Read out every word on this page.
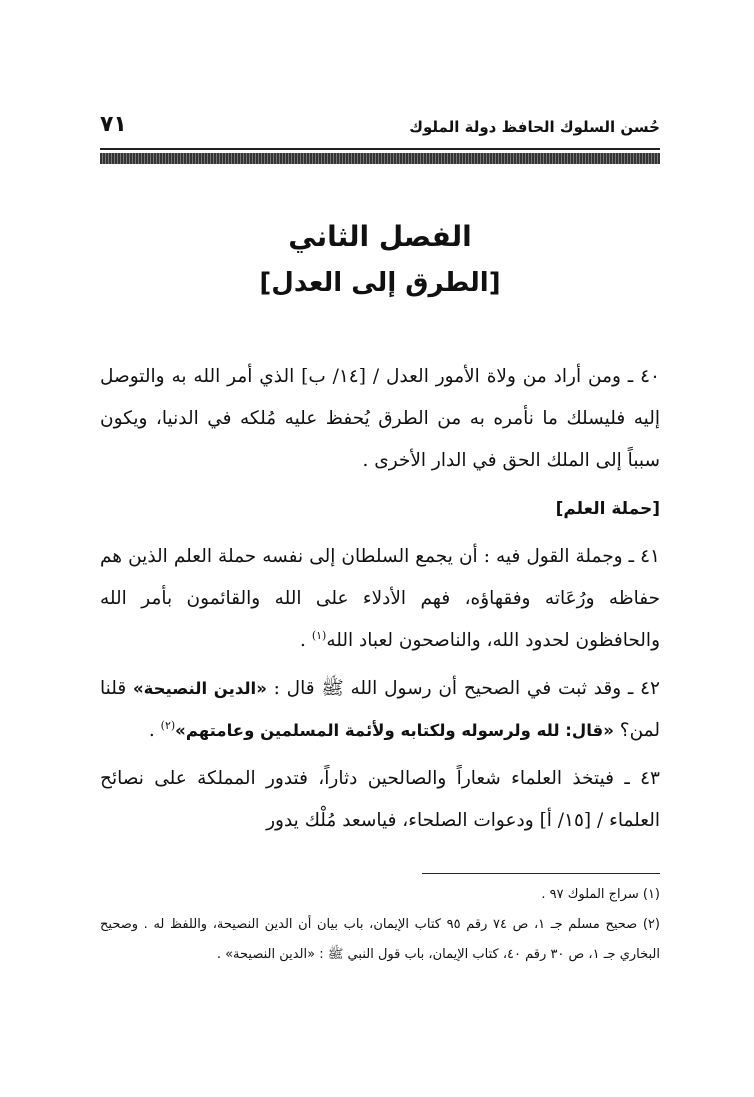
حُسن السلوك الحافظ دولة الملوك
٧١
الفصل الثاني
[الطرق إلى العدل]

٤٠ ـ ومن أراد من ولاة الأمور العدل / [١٤/ ب] الذي أمر الله به والتوصل إليه فليسلك ما نأمره به من الطرق يُحفظ عليه مُلكه في الدنيا، ويكون سبباً إلى الملك الحق في الدار الأخرى .

[حملة العلم]

٤١ ـ وجملة القول فيه : أن يجمع السلطان إلى نفسه حملة العلم الذين هم حفاظه ورُعَاته وفقهاؤه، فهم الأدلاء على الله والقائمون بأمر الله والحافظون لحدود الله، والناصحون لعباد الله$^{(١)}$ .

٤٢ ـ وقد ثبت في الصحيح أن رسول الله ﷺ قال : «الدين النصيحة» قلنا لمن؟ «قال: لله ولرسوله ولكتابه ولأئمة المسلمين وعامتهم»$^{(٢)}$ .

٤٣ ـ فيتخذ العلماء شعاراً والصالحين دثاراً، فتدور المملكة على نصائح العلماء / [١٥/ أ] ودعوات الصلحاء، فياسعد مُلْك يدور

(١) سراج الملوك ٩٧ .

(٢) صحيح مسلم جـ ١، ص ٧٤ رقم ٩٥ كتاب الإيمان، باب بيان أن الدين النصيحة، واللفظ له . وصحيح البخاري جـ ١، ص ٣٠ رقم ٤٠، كتاب الإيمان، باب قول النبي ﷺ : «الدين النصيحة» .
